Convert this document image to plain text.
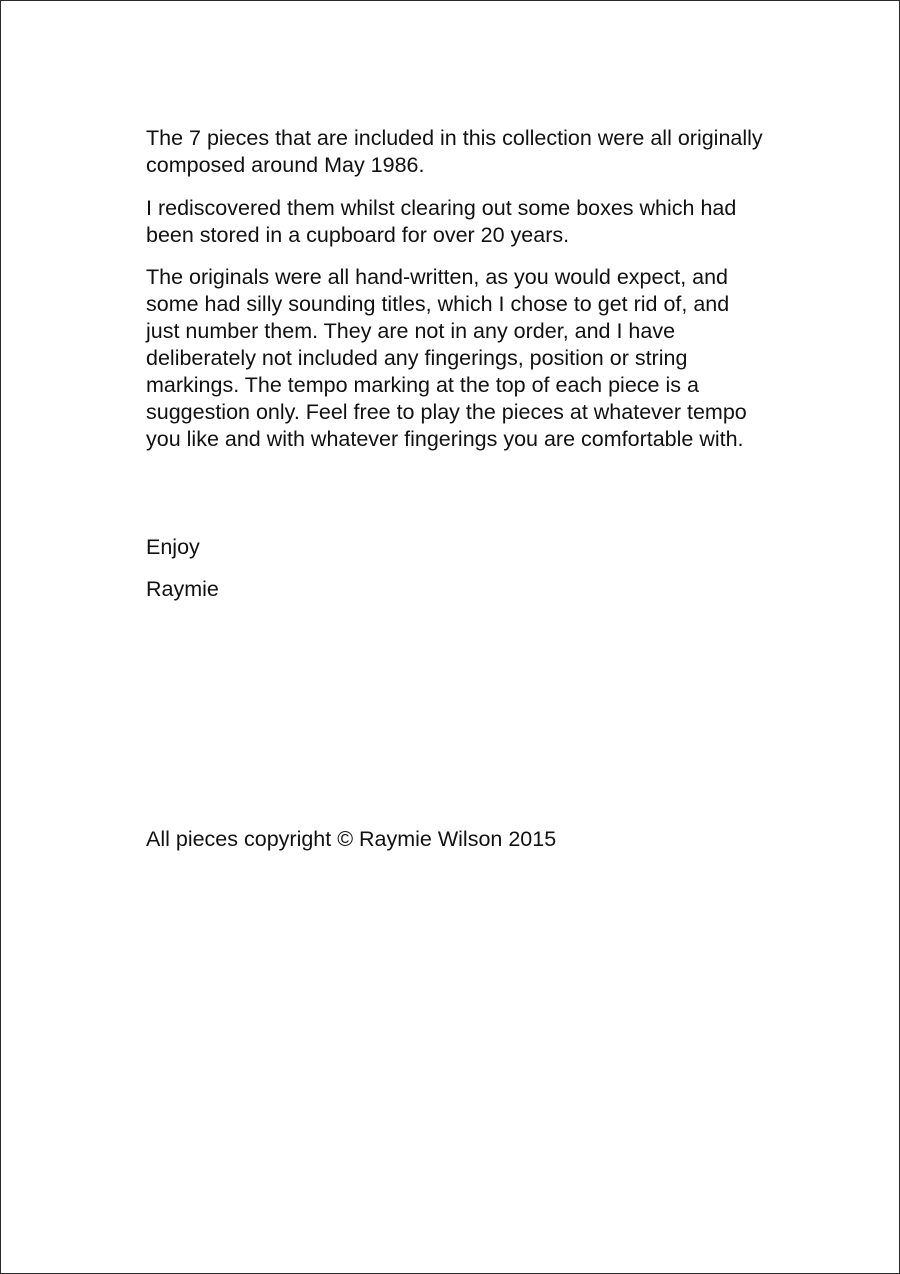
The 7 pieces that are included in this collection were all originally composed around May 1986.

I rediscovered them whilst clearing out some boxes which had been stored in a cupboard for over 20 years.

The originals were all hand-written, as you would expect, and some had silly sounding titles, which I chose to get rid of, and just number them. They are not in any order, and I have deliberately not included any fingerings, position or string markings. The tempo marking at the top of each piece is a suggestion only. Feel free to play the pieces at whatever tempo you like and with whatever fingerings you are comfortable with.

Enjoy
Raymie
All pieces copyright © Raymie Wilson 2015
